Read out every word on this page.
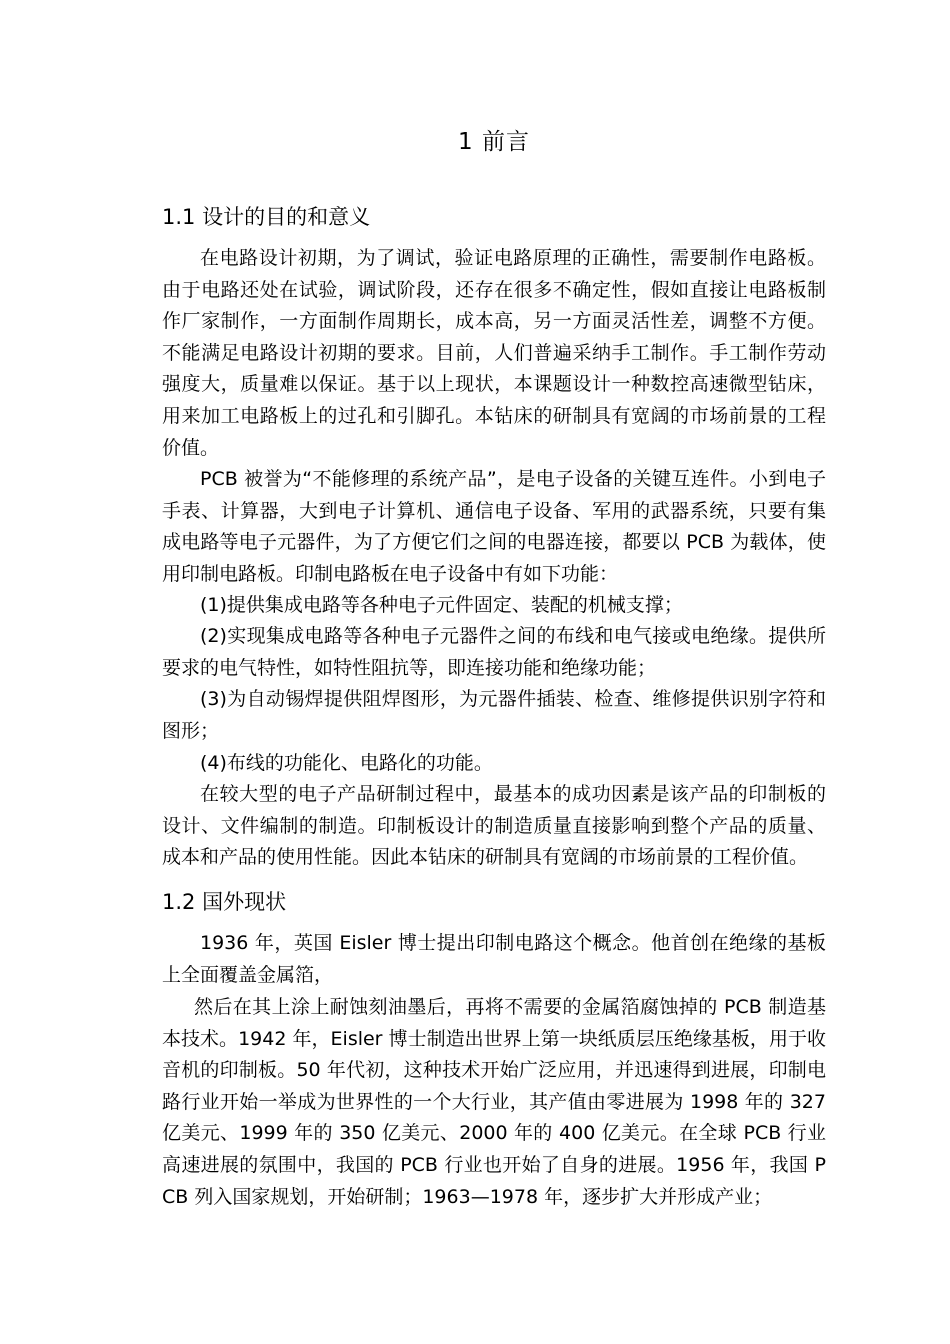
1 前言
1.1 设计的目的和意义
在电路设计初期，为了调试，验证电路原理的正确性，需要制作电路板。由于电路还处在试验，调试阶段，还存在很多不确定性，假如直接让电路板制作厂家制作，一方面制作周期长，成本高，另一方面灵活性差，调整不方便。不能满足电路设计初期的要求。目前，人们普遍采纳手工制作。手工制作劳动强度大，质量难以保证。基于以上现状，本课题设计一种数控高速微型钻床，用来加工电路板上的过孔和引脚孔。本钻床的研制具有宽阔的市场前景的工程价值。
PCB 被誉为“不能修理的系统产品”，是电子设备的关键互连件。小到电子手表、计算器，大到电子计算机、通信电子设备、军用的武器系统，只要有集成电路等电子元器件，为了方便它们之间的电器连接，都要以 PCB 为载体，使用印制电路板。印制电路板在电子设备中有如下功能：
(1)提供集成电路等各种电子元件固定、装配的机械支撑；
(2)实现集成电路等各种电子元器件之间的布线和电气接或电绝缘。提供所要求的电气特性，如特性阻抗等，即连接功能和绝缘功能；
(3)为自动锡焊提供阻焊图形，为元器件插装、检查、维修提供识别字符和图形；
(4)布线的功能化、电路化的功能。
在较大型的电子产品研制过程中，最基本的成功因素是该产品的印制板的设计、文件编制的制造。印制板设计的制造质量直接影响到整个产品的质量、成本和产品的使用性能。因此本钻床的研制具有宽阔的市场前景的工程价值。
1.2 国外现状
1936 年，英国 Eisler 博士提出印制电路这个概念。他首创在绝缘的基板上全面覆盖金属箔，
然后在其上涂上耐蚀刻油墨后，再将不需要的金属箔腐蚀掉的 PCB 制造基本技术。1942 年，Eisler 博士制造出世界上第一块纸质层压绝缘基板，用于收音机的印制板。50 年代初，这种技术开始广泛应用，并迅速得到进展，印制电路行业开始一举成为世界性的一个大行业，其产值由零进展为 1998 年的 327 亿美元、1999 年的 350 亿美元、2000 年的 400 亿美元。在全球 PCB 行业高速进展的氛围中，我国的 PCB 行业也开始了自身的进展。1956 年，我国 PCB 列入国家规划，开始研制；1963—1978 年，逐步扩大并形成产业；
